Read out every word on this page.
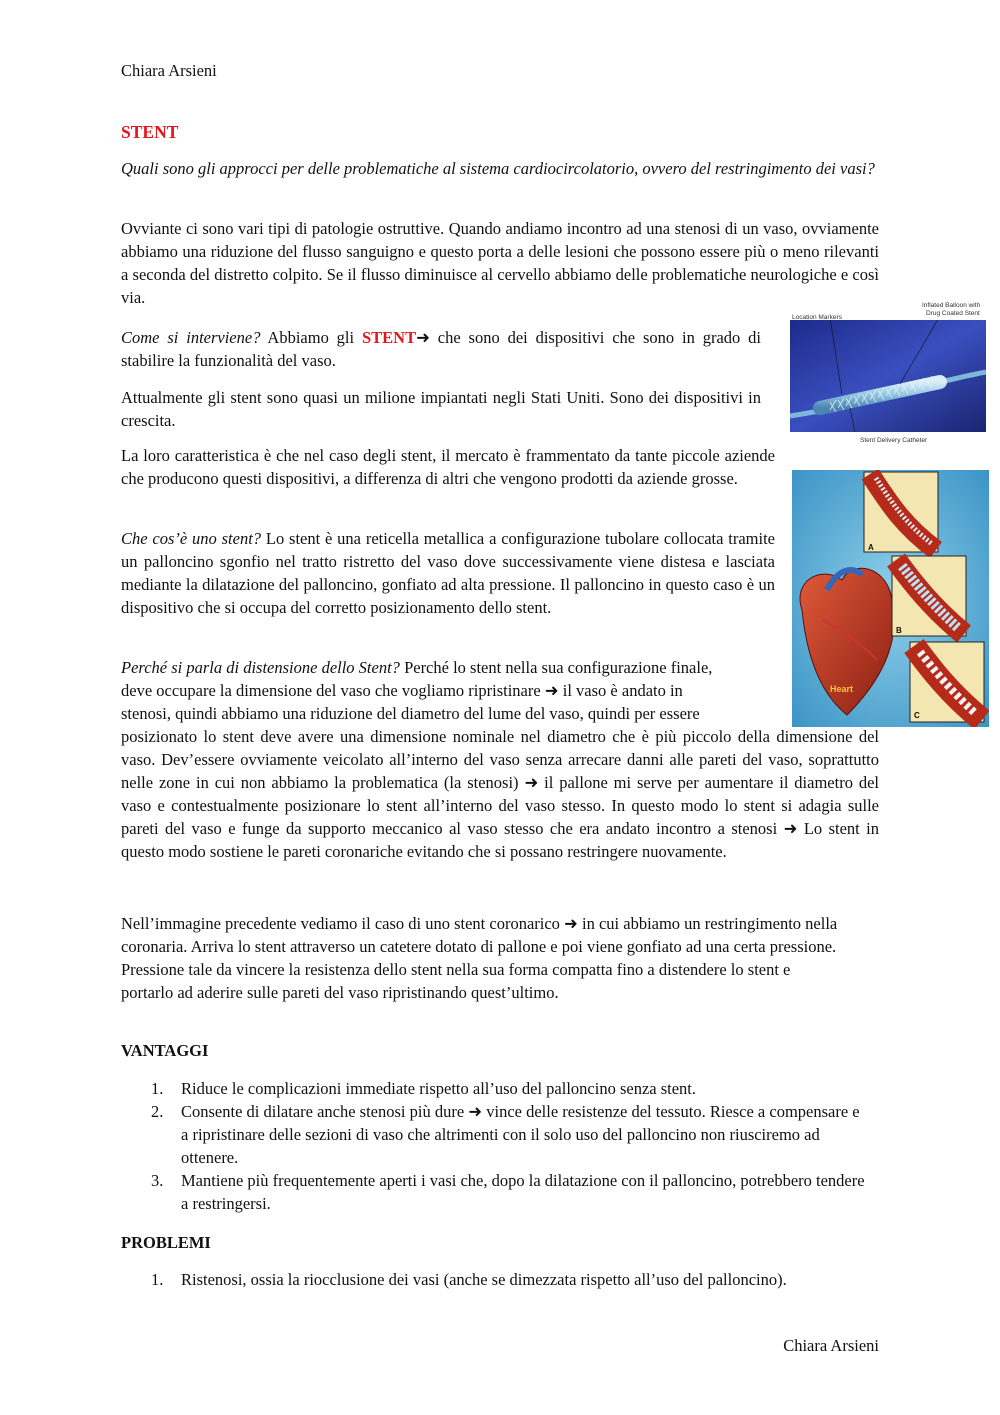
Chiara Arsieni
STENT

Quali sono gli approcci per delle problematiche al sistema cardiocircolatorio, ovvero del restringimento dei vasi?

Ovviante ci sono vari tipi di patologie ostruttive. Quando andiamo incontro ad una stenosi di un vaso, ovviamente abbiamo una riduzione del flusso sanguigno e questo porta a delle lesioni che possono essere più o meno rilevanti a seconda del distretto colpito. Se il flusso diminuisce al cervello abbiamo delle problematiche neurologiche e così via.

Come si interviene? Abbiamo gli STENT➜ che sono dei dispositivi che sono in grado di stabilire la funzionalità del vaso.

Attualmente gli stent sono quasi un milione impiantati negli Stati Uniti. Sono dei dispositivi in crescita.

La loro caratteristica è che nel caso degli stent, il mercato è frammentato da tante piccole aziende che producono questi dispositivi, a differenza di altri che vengono prodotti da aziende grosse.

Che cos’è uno stent? Lo stent è una reticella metallica a configurazione tubolare collocata tramite un palloncino sgonfio nel tratto ristretto del vaso dove successivamente viene distesa e lasciata mediante la dilatazione del palloncino, gonfiato ad alta pressione. Il palloncino in questo caso è un dispositivo che si occupa del corretto posizionamento dello stent.

Perché si parla di distensione dello Stent? Perché lo stent nella sua configurazione finale,
deve occupare la dimensione del vaso che vogliamo ripristinare ➜ il vaso è andato in
stenosi, quindi abbiamo una riduzione del diametro del lume del vaso, quindi per essere
posizionato lo stent deve avere una dimensione nominale nel diametro che è più piccolo della dimensione del vaso. Dev’essere ovviamente veicolato all’interno del vaso senza arrecare danni alle pareti del vaso, soprattutto nelle zone in cui non abbiamo la problematica (la stenosi) ➜ il pallone mi serve per aumentare il diametro del vaso e contestualmente posizionare lo stent all’interno del vaso stesso. In questo modo lo stent si adagia sulle pareti del vaso e funge da supporto meccanico al vaso stesso che era andato incontro a stenosi ➜ Lo stent in questo modo sostiene le pareti coronariche evitando che si possano restringere nuovamente.

Nell’immagine precedente vediamo il caso di uno stent coronarico ➜ in cui abbiamo un restringimento nella coronaria. Arriva lo stent attraverso un catetere dotato di pallone e poi viene gonfiato ad una certa pressione. Pressione tale da vincere la resistenza dello stent nella sua forma compatta fino a distendere lo stent e portarlo ad aderire sulle pareti del vaso ripristinando quest’ultimo.

VANTAGGI
1. Riduce le complicazioni immediate rispetto all’uso del palloncino senza stent.
2. Consente di dilatare anche stenosi più dure ➜ vince delle resistenze del tessuto. Riesce a compensare e a ripristinare delle sezioni di vaso che altrimenti con il solo uso del palloncino non riusciremo ad ottenere.
3. Mantiene più frequentemente aperti i vasi che, dopo la dilatazione con il palloncino, potrebbero tendere a restringersi.
PROBLEMI
1. Ristenosi, ossia la riocclusione dei vasi (anche se dimezzata rispetto all’uso del palloncino).
Location Markers
Inflated Balloon with
Drug Coated Stent
Stent Delivery Catheter
Heart
A
B
C
Chiara Arsieni
